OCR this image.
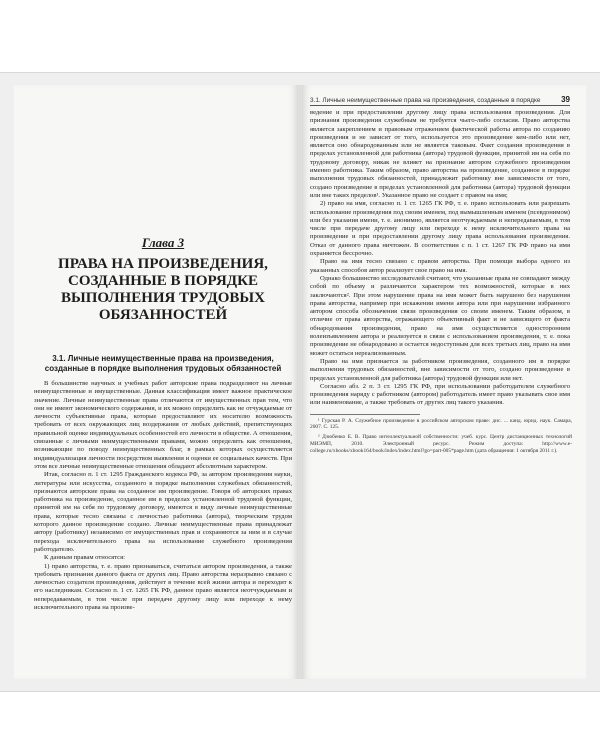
Глава 3
ПРАВА НА ПРОИЗВЕДЕНИЯ, СОЗДАННЫЕ В ПОРЯДКЕ ВЫПОЛНЕНИЯ ТРУДОВЫХ ОБЯЗАННОСТЕЙ
3.1. Личные неимущественные права на произведения, созданные в порядке выполнения трудовых обязанностей

В большинстве научных и учебных работ авторские права подразделяют на личные неимущественные и имущественные. Данная классификация имеет важное практическое значение. Личные неимущественные права отличаются от имущественных прав тем, что они не имеют экономического содержания, и их можно определить как не отчуждаемые от личности субъективные права, которые предоставляют их носителю возможность требовать от всех окружающих лиц воздержания от любых действий, препятствующих правильной оценке индивидуальных особенностей его личности в обществе. А отношения, связанные с личными неимущественными правами, можно определить как отношения, возникающие по поводу неимущественных благ, в рамках которых осуществляется индивидуализация личности посредством выявления и оценки ее социальных качеств. При этом все личные неимущественные отношения обладают абсолютным характером.

Итак, согласно п. 1 ст. 1295 Гражданского кодекса РФ, за автором произведения науки, литературы или искусства, созданного в порядке выполнения служебных обязанностей, признаются авторские права на созданное им произведение. Говоря об авторских правах работника на произведение, созданное им в пределах установленной трудовой функции, принятой им на себя по трудовому договору, имеются в виду личные неимущественные права, которые тесно связаны с личностью работника (автора), творческим трудом которого данное произведение создано. Личные неимущественные права принадлежат автору (работнику) независимо от имущественных прав и сохраняются за ним и в случае перехода исключительного права на использование служебного произведения работодателю.

К данным правам относятся:

1) право авторства, т. е. право признаваться, считаться автором произведения, а также требовать признания данного факта от других лиц. Право авторства неразрывно связано с личностью создателя произведения, действует в течение всей жизни автора и переходит к его наследникам. Согласно п. 1 ст. 1265 ГК РФ, данное право является неотчуждаемым и непередаваемым, в том числе при передаче другому лицу или переходе к нему исключительного права на произве-

3.1. Личные неимущественные права на произведения, созданные в порядке	39

ведение и при предоставлении другому лицу права использования произведения. Для признания произведения служебным не требуется чьего-либо согласия. Право авторства является закреплением и правовым отражением фактической работы автора по созданию произведения и не зависит от того, используется это произведение кем-либо или нет, является оно обнародованным или не является таковым. Факт создания произведения в пределах установленной для работника (автора) трудовой функции, принятой им на себя по трудовому договору, никак не влияет на признание автором служебного произведения именно работника. Таким образом, право авторства на произведение, созданное в порядке выполнения трудовых обязанностей, принадлежит работнику вне зависимости от того, создано произведение в пределах установленной для работника (автора) трудовой функции или вне таких пределов¹. Указанное право не создает с правом на имя;

2) право на имя, согласно п. 1 ст. 1265 ГК РФ, т. е. право использовать или разрешать использование произведения под своим именем, под вымышленным именем (псевдонимом) или без указания имени, т. е. анонимно, является неотчуждаемым и непередаваемым, в том числе при передаче другому лицу или переходе к нему исключительного права на произведение и при предоставлении другому лицу права использования произведения. Отказ от данного права ничтожен. В соответствии с п. 1 ст. 1267 ГК РФ право на имя охраняется бессрочно.

Право на имя тесно связано с правом авторства. При помощи выбора одного из указанных способов автор реализует свое право на имя.

Однако большинство исследователей считают, что указанные права не совпадают между собой по объему и различаются характером тех возможностей, которые в них заключаются². При этом нарушение права на имя может быть нарушено без нарушения права авторства, например при искажении имени автора или при нарушении избранного автором способа обозначения связи произведения со своим именем. Таким образом, в отличие от права авторства, отражающего объективный факт и не зависящего от факта обнародования произведения, право на имя осуществляется односторонним волеизъявлением автора и реализуется в связи с использованием произведения, т. е. пока произведение не обнародовано и остается недоступным для всех третьих лиц, право на имя может остаться нереализованным.

Право на имя признается за работником произведения, созданного им в порядке выполнения трудовых обязанностей, вне зависимости от того, создано произведение в пределах установленной для работника (автора) трудовой функции или нет.

Согласно абз. 2 п. 3 ст. 1295 ГК РФ, при использовании работодателем служебного произведения наряду с работником (автором) работодатель имеет право указывать свое имя или наименование, а также требовать от других лиц такого указания.

¹ Гурская Р. А. Служебное произведение в российском авторском праве: дис. ... канд. юрид. наук. Самара, 2007. С. 125.

² Дзюбенко Е. В. Право интеллектуальной собственности: учеб. курс. Центр дистанционных технологий МИЭМП, 2010. Электронный ресурс. Режим доступа: http://www.e-college.ru/xbooks/xbook164/book/index/index.html?go=part-005*page.htm (дата обращения: 1 октября 2011 г.).
